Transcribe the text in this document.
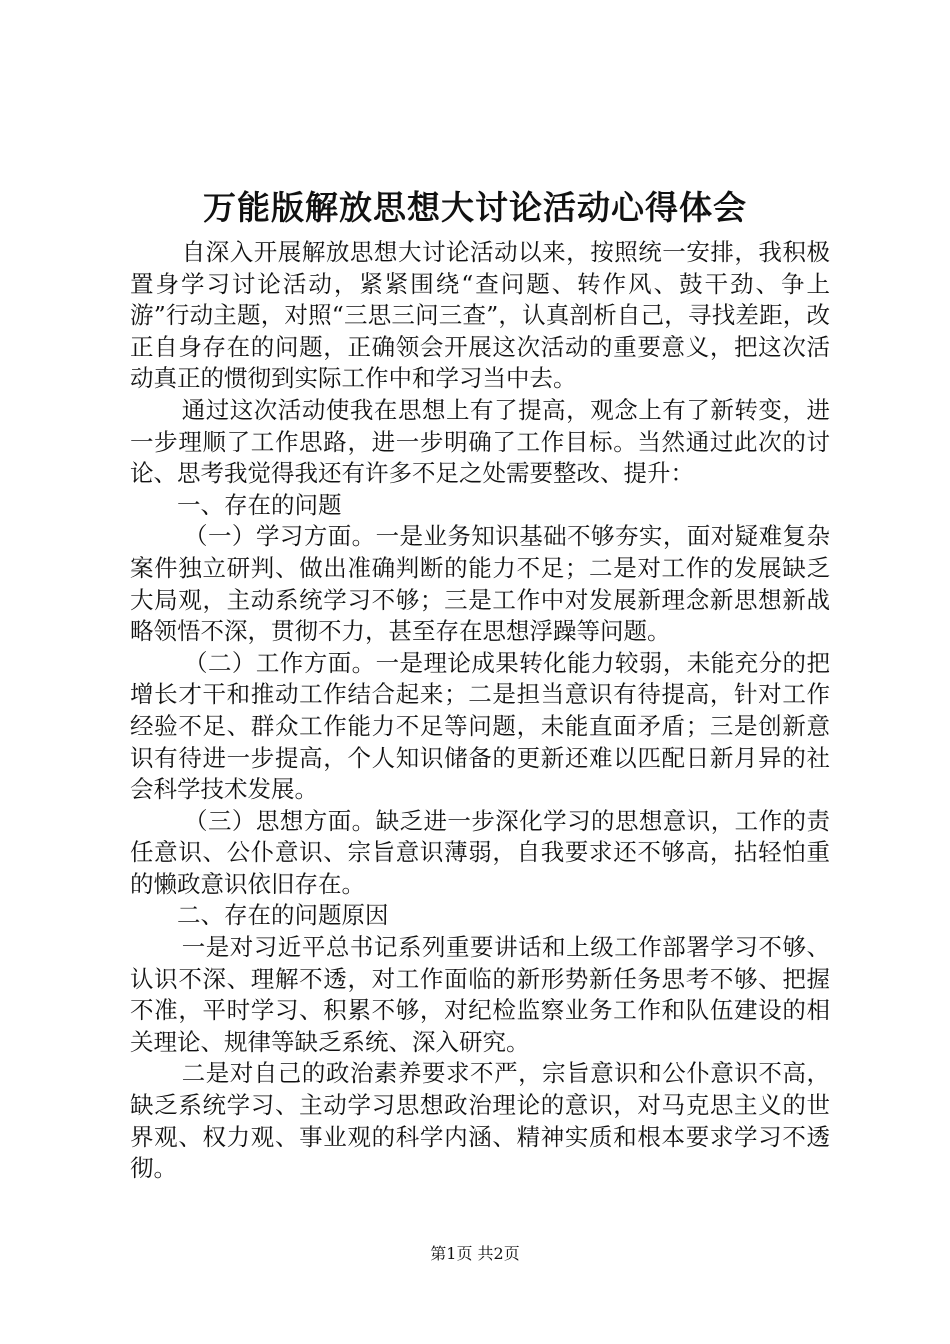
万能版解放思想大讨论活动心得体会

自深入开展解放思想大讨论活动以来，按照统一安排，我积极置身学习讨论活动，紧紧围绕“查问题、转作风、鼓干劲、争上游”行动主题，对照“三思三问三查”，认真剖析自己，寻找差距，改正自身存在的问题，正确领会开展这次活动的重要意义，把这次活动真正的惯彻到实际工作中和学习当中去。

通过这次活动使我在思想上有了提高，观念上有了新转变，进一步理顺了工作思路，进一步明确了工作目标。当然通过此次的讨论、思考我觉得我还有许多不足之处需要整改、提升：

一、存在的问题

（一）学习方面。一是业务知识基础不够夯实，面对疑难复杂案件独立研判、做出准确判断的能力不足；二是对工作的发展缺乏大局观，主动系统学习不够；三是工作中对发展新理念新思想新战略领悟不深，贯彻不力，甚至存在思想浮躁等问题。

（二）工作方面。一是理论成果转化能力较弱，未能充分的把增长才干和推动工作结合起来；二是担当意识有待提高，针对工作经验不足、群众工作能力不足等问题，未能直面矛盾；三是创新意识有待进一步提高，个人知识储备的更新还难以匹配日新月异的社会科学技术发展。

（三）思想方面。缺乏进一步深化学习的思想意识，工作的责任意识、公仆意识、宗旨意识薄弱，自我要求还不够高，拈轻怕重的懒政意识依旧存在。

二、存在的问题原因

一是对习近平总书记系列重要讲话和上级工作部署学习不够、认识不深、理解不透，对工作面临的新形势新任务思考不够、把握不准，平时学习、积累不够，对纪检监察业务工作和队伍建设的相关理论、规律等缺乏系统、深入研究。

二是对自己的政治素养要求不严，宗旨意识和公仆意识不高，缺乏系统学习、主动学习思想政治理论的意识，对马克思主义的世界观、权力观、事业观的科学内涵、精神实质和根本要求学习不透彻。

第1页 共2页
